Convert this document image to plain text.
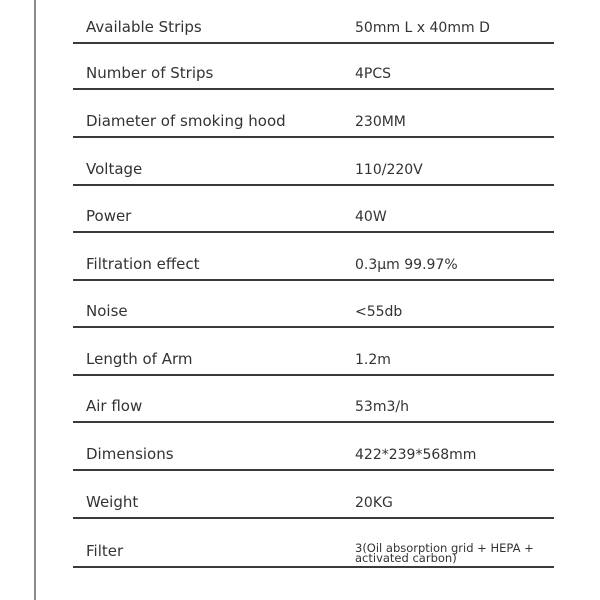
Available Strips	50mm L x 40mm D
Number of Strips	4PCS
Diameter of smoking hood	230MM
Voltage	110/220V
Power	40W
Filtration effect	0.3μm 99.97%
Noise	<55db
Length of Arm	1.2m
Air flow	53m3/h
Dimensions	422*239*568mm
Weight	20KG
Filter	3(Oil absorption grid + HEPA + activated carbon)
